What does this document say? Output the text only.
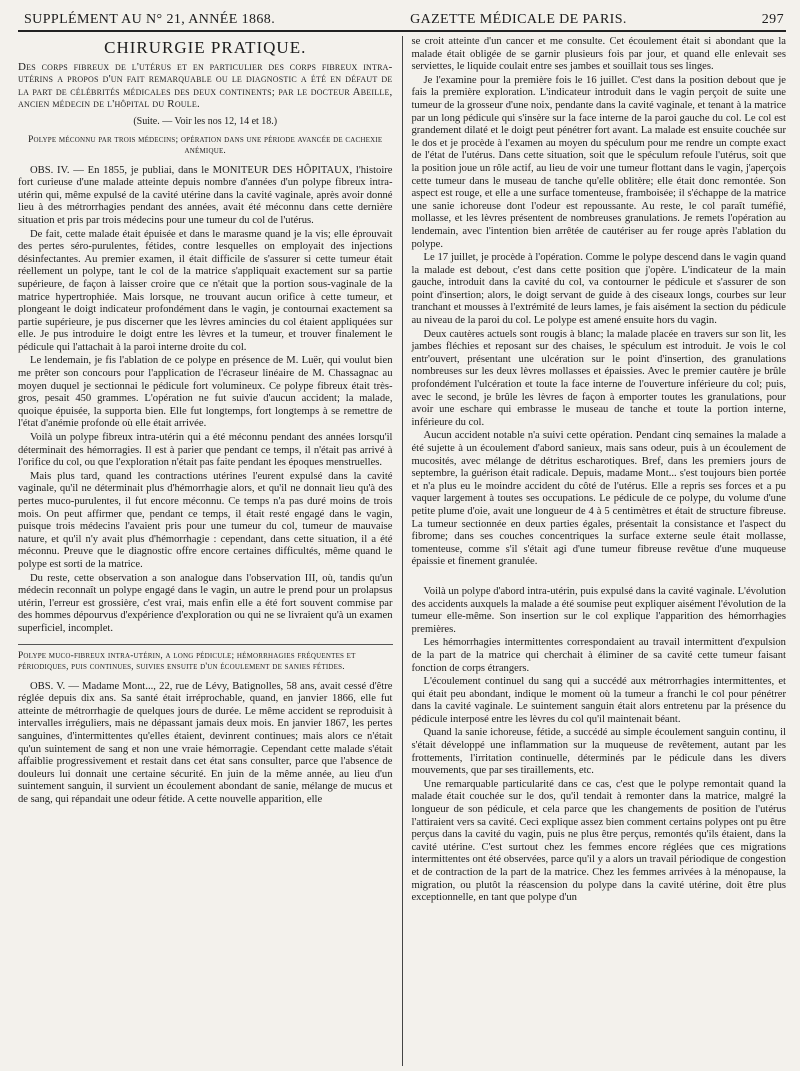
SUPPLÉMENT AU N° 21, ANNÉE 1868.	GAZETTE MÉDICALE DE PARIS.	297
CHIRURGIE PRATIQUE.

Des corps fibreux de l'utérus et en particulier des corps fibreux intra-utérins a propos d'un fait remarquable ou le diagnostic a été en défaut de la part de célébrités médicales des deux continents; par le docteur Abeille, ancien médecin de l'hôpital du Roule.

(Suite. — Voir les nos 12, 14 et 18.)
Polype méconnu par trois médecins; opération dans une période avancée de cachexie anémique.

OBS. IV. — En 1855, je publiai, dans le MONITEUR DES HÔPITAUX, l'histoire fort curieuse d'une malade atteinte depuis nombre d'années d'un polype fibreux intra-utérin qui, même expulsé de la cavité utérine dans la cavité vaginale, après avoir donné lieu à des métrorrhagies pendant des années, avait été méconnu dans cette dernière situation et pris par trois médecins pour une tumeur du col de l'utérus.

De fait, cette malade était épuisée et dans le marasme quand je la vis; elle éprouvait des pertes séro-purulentes, fétides, contre lesquelles on employait des injections désinfectantes. Au premier examen, il était difficile de s'assurer si cette tumeur était réellement un polype, tant le col de la matrice s'appliquait exactement sur sa partie supérieure, de façon à laisser croire que ce n'était que la portion sous-vaginale de la matrice hypertrophiée. Mais lorsque, ne trouvant aucun orifice à cette tumeur, et plongeant le doigt indicateur profondément dans le vagin, je contournai exactement sa partie supérieure, je pus discerner que les lèvres amincies du col étaient appliquées sur elle. Je pus introduire le doigt entre les lèvres et la tumeur, et trouver finalement le pédicule qui l'attachait à la paroi interne droite du col.

Le lendemain, je fis l'ablation de ce polype en présence de M. Luër, qui voulut bien me prêter son concours pour l'application de l'écraseur linéaire de M. Chassagnac au moyen duquel je sectionnai le pédicule fort volumineux. Ce polype fibreux était très-gros, pesait 450 grammes. L'opération ne fut suivie d'aucun accident; la malade, quoique épuisée, la supporta bien. Elle fut longtemps, fort longtemps à se remettre de l'état d'anémie profonde où elle était arrivée.

Voilà un polype fibreux intra-utérin qui a été méconnu pendant des années lorsqu'il déterminait des hémorragies. Il est à parier que pendant ce temps, il n'était pas arrivé à l'orifice du col, ou que l'exploration n'était pas faite pendant les époques menstruelles.

Mais plus tard, quand les contractions utérines l'eurent expulsé dans la cavité vaginale, qu'il ne déterminait plus d'hémorrhagie alors, et qu'il ne donnait lieu qu'à des pertes muco-purulentes, il fut encore méconnu. Ce temps n'a pas duré moins de trois mois. On peut affirmer que, pendant ce temps, il était resté engagé dans le vagin, puisque trois médecins l'avaient pris pour une tumeur du col, tumeur de mauvaise nature, et qu'il n'y avait plus d'hémorrhagie : cependant, dans cette situation, il a été méconnu. Preuve que le diagnostic offre encore certaines difficultés, même quand le polype est sorti de la matrice.

Du reste, cette observation a son analogue dans l'observation III, où, tandis qu'un médecin reconnaît un polype engagé dans le vagin, un autre le prend pour un prolapsus utérin, l'erreur est grossière, c'est vrai, mais enfin elle a été fort souvent commise par des hommes dépourvus d'expérience d'exploration ou qui ne se livraient qu'à un examen superficiel, incomplet.

Polype muco-fibreux intra-utérin, a long pédicule; hémorrhagies fréquentes et périodiques, puis continues, suivies ensuite d'un écoulement de sanies fétides.

OBS. V. — Madame Mont..., 22, rue de Lévy, Batignolles, 58 ans, avait cessé d'être réglée depuis dix ans. Sa santé était irréprochable, quand, en janvier 1866, elle fut atteinte de métrorrhagie de quelques jours de durée. Le même accident se reproduisit à intervalles irréguliers, mais ne dépassant jamais deux mois. En janvier 1867, les pertes sanguines, d'intermittentes qu'elles étaient, devinrent continues; mais alors ce n'était qu'un suintement de sang et non une vraie hémorragie. Cependant cette malade s'était affaiblie progressivement et restait dans cet état sans consulter, parce que l'absence de douleurs lui donnait une certaine sécurité. En juin de la même année, au lieu d'un suintement sanguin, il survient un écoulement abondant de sanie, mélange de mucus et de sang, qui répandait une odeur fétide. A cette nouvelle apparition, elle

se croit atteinte d'un cancer et me consulte. Cet écoulement était si abondant que la malade était obligée de se garnir plusieurs fois par jour, et quand elle enlevait ses serviettes, le liquide coulait entre ses jambes et souillait tous ses linges.

Je l'examine pour la première fois le 16 juillet. C'est dans la position debout que je fais la première exploration. L'indicateur introduit dans le vagin perçoit de suite une tumeur de la grosseur d'une noix, pendante dans la cavité vaginale, et tenant à la matrice par un long pédicule qui s'insère sur la face interne de la paroi gauche du col. Le col est grandement dilaté et le doigt peut pénétrer fort avant. La malade est ensuite couchée sur le dos et je procède à l'examen au moyen du spéculum pour me rendre un compte exact de l'état de l'utérus. Dans cette situation, soit que le spéculum refoule l'utérus, soit que la position joue un rôle actif, au lieu de voir une tumeur flottant dans le vagin, j'aperçois cette tumeur dans le museau de tanche qu'elle oblitère; elle était donc remontée. Son aspect est rouge, et elle a une surface tomenteuse, framboisée; il s'échappe de la matrice une sanie ichoreuse dont l'odeur est repoussante. Au reste, le col paraît tuméfié, mollasse, et les lèvres présentent de nombreuses granulations. Je remets l'opération au lendemain, avec l'intention bien arrêtée de cautériser au fer rouge après l'ablation du polype.

Le 17 juillet, je procède à l'opération. Comme le polype descend dans le vagin quand la malade est debout, c'est dans cette position que j'opère. L'indicateur de la main gauche, introduit dans la cavité du col, va contourner le pédicule et s'assurer de son point d'insertion; alors, le doigt servant de guide à des ciseaux longs, courbes sur leur tranchant et mousses à l'extrémité de leurs lames, je fais aisément la section du pédicule au niveau de la paroi du col. Le polype est amené ensuite hors du vagin.

Deux cautères actuels sont rougis à blanc; la malade placée en travers sur son lit, les jambes fléchies et reposant sur des chaises, le spéculum est introduit. Je vois le col entr'ouvert, présentant une ulcération sur le point d'insertion, des granulations nombreuses sur les deux lèvres mollasses et épaissies. Avec le premier cautère je brûle profondément l'ulcération et toute la face interne de l'ouverture inférieure du col; puis, avec le second, je brûle les lèvres de façon à emporter toutes les granulations, pour avoir une eschare qui embrasse le museau de tanche et toute la portion interne, inférieure du col.

Aucun accident notable n'a suivi cette opération. Pendant cinq semaines la malade a été sujette à un écoulement d'abord sanieux, mais sans odeur, puis à un écoulement de mucosités, avec mélange de détritus escharotiques. Bref, dans les premiers jours de septembre, la guérison était radicale. Depuis, madame Mont... s'est toujours bien portée et n'a plus eu le moindre accident du côté de l'utérus. Elle a repris ses forces et a pu vaquer largement à toutes ses occupations. Le pédicule de ce polype, du volume d'une petite plume d'oie, avait une longueur de 4 à 5 centimètres et était de structure fibreuse. La tumeur sectionnée en deux parties égales, présentait la consistance et l'aspect du fibrome; dans ses couches concentriques la surface externe seule était mollasse, tomenteuse, comme s'il s'était agi d'une tumeur fibreuse revêtue d'une muqueuse épaissie et finement granulée.

Voilà un polype d'abord intra-utérin, puis expulsé dans la cavité vaginale. L'évolution des accidents auxquels la malade a été soumise peut expliquer aisément l'évolution de la tumeur elle-même. Son insertion sur le col explique l'apparition des hémorrhagies premières.

Les hémorrhagies intermittentes correspondaient au travail intermittent d'expulsion de la part de la matrice qui cherchait à éliminer de sa cavité cette tumeur faisant fonction de corps étrangers.

L'écoulement continuel du sang qui a succédé aux métrorrhagies intermittentes, et qui était peu abondant, indique le moment où la tumeur a franchi le col pour pénétrer dans la cavité vaginale. Le suintement sanguin était alors entretenu par la présence du pédicule interposé entre les lèvres du col qu'il maintenait béant.

Quand la sanie ichoreuse, fétide, a succédé au simple écoulement sanguin continu, il s'était développé une inflammation sur la muqueuse de revêtement, autant par les frottements, l'irritation continuelle, déterminés par le pédicule dans les divers mouvements, que par ses tiraillements, etc.

Une remarquable particularité dans ce cas, c'est que le polype remontait quand la malade était couchée sur le dos, qu'il tendait à remonter dans la matrice, malgré la longueur de son pédicule, et cela parce que les changements de position de l'utérus l'attiraient vers sa cavité. Ceci explique assez bien comment certains polypes ont pu être perçus dans la cavité du vagin, puis ne plus être perçus, remontés qu'ils étaient, dans la cavité utérine. C'est surtout chez les femmes encore réglées que ces migrations intermittentes ont été observées, parce qu'il y a alors un travail périodique de congestion et de contraction de la part de la matrice. Chez les femmes arrivées à la ménopause, la migration, ou plutôt la réascension du polype dans la cavité utérine, doit être plus exceptionnelle, en tant que polype d'un
